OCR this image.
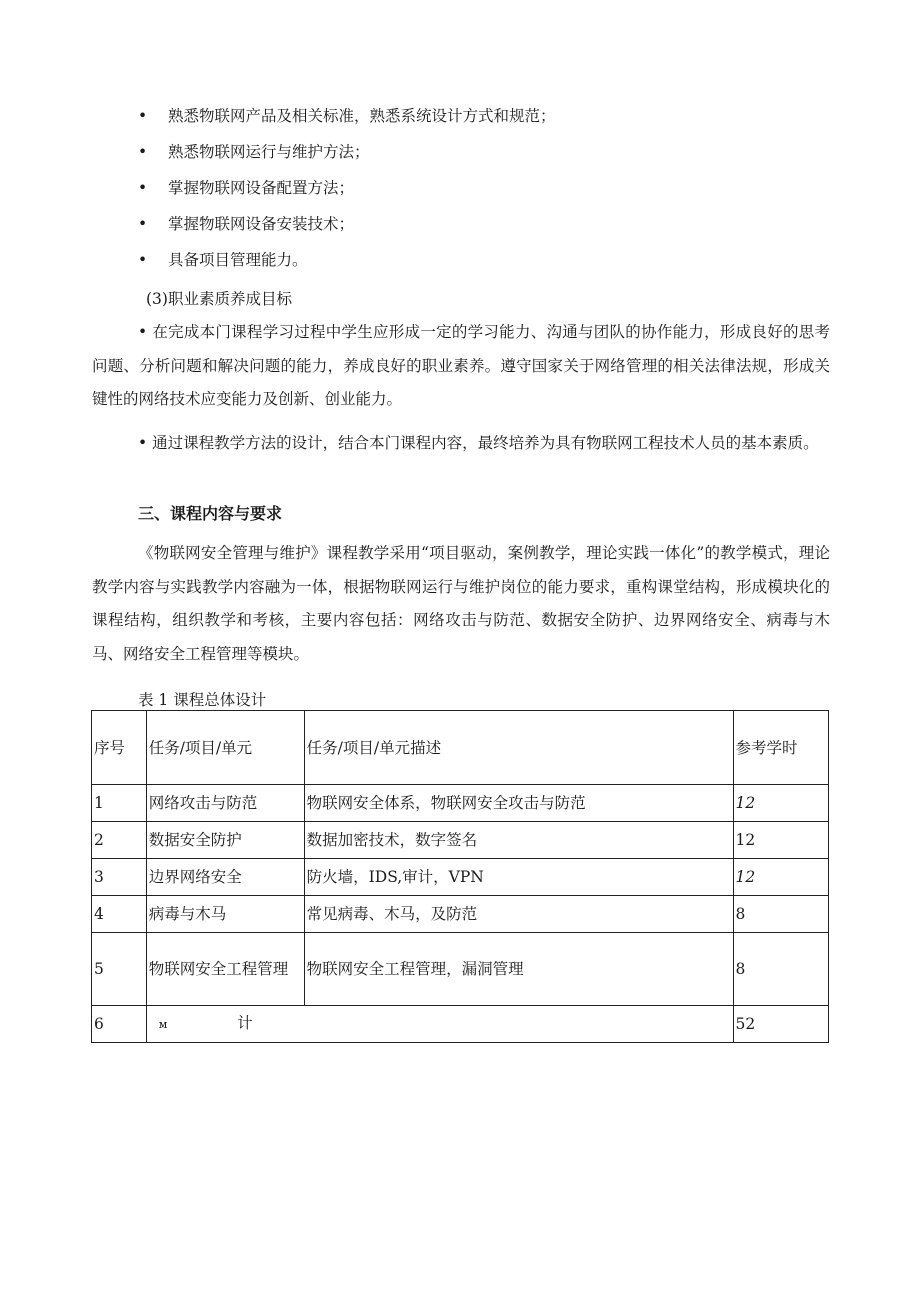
• 熟悉物联网产品及相关标准，熟悉系统设计方式和规范；
• 熟悉物联网运行与维护方法；
• 掌握物联网设备配置方法；
• 掌握物联网设备安装技术；
• 具备项目管理能力。
(3)职业素质养成目标
• 在完成本门课程学习过程中学生应形成一定的学习能力、沟通与团队的协作能力，形成良好的思考问题、分析问题和解决问题的能力，养成良好的职业素养。遵守国家关于网络管理的相关法律法规，形成关键性的网络技术应变能力及创新、创业能力。
• 通过课程教学方法的设计，结合本门课程内容，最终培养为具有物联网工程技术人员的基本素质。
三、课程内容与要求
《物联网安全管理与维护》课程教学采用“项目驱动，案例教学，理论实践一体化”的教学模式，理论教学内容与实践教学内容融为一体，根据物联网运行与维护岗位的能力要求，重构课堂结构，形成模块化的课程结构，组织教学和考核，主要内容包括：网络攻击与防范、数据安全防护、边界网络安全、病毒与木马、网络安全工程管理等模块。
表 1 课程总体设计
序号	任务/项目/单元	任务/项目/单元描述	参考学时
1	网络攻击与防范	物联网安全体系，物联网安全攻击与防范	12
2	数据安全防护	数据加密技术，数字签名	12
3	边界网络安全	防火墙，IDS,审计，VPN	12
4	病毒与木马	常见病毒、木马，及防范	8
5	物联网安全工程管理	物联网安全工程管理，漏洞管理	8
6	м 计		52
